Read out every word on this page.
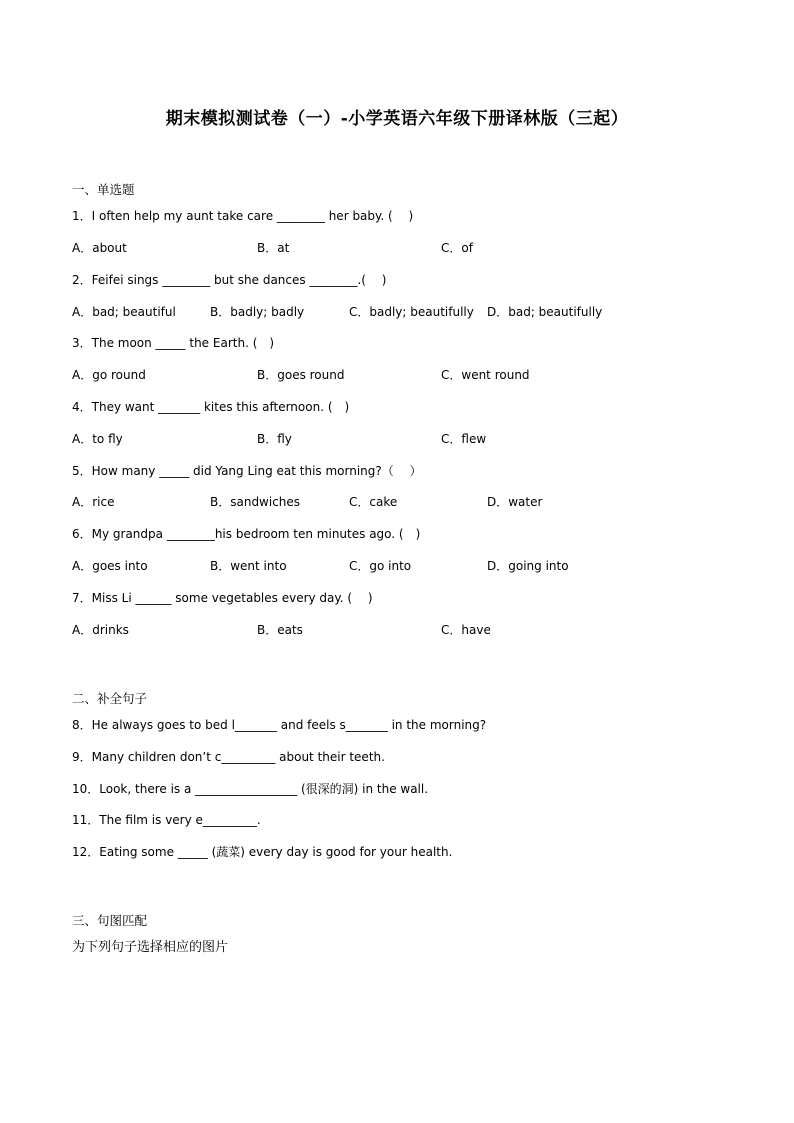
期末模拟测试卷（一）-小学英语六年级下册译林版（三起）
一、单选题
1．I often help my aunt take care ________ her baby. (　 )
A．about	B．at	C．of
2．Feifei sings ________ but she dances ________.(　 )
A．bad; beautiful	B．badly; badly	C．badly; beautifully D．bad; beautifully
3．The moon _____ the Earth. (　)
A．go round	B．goes round	C．went round
4．They want _______ kites this afternoon. (　)
A．to fly	B．fly	C．flew
5．How many _____ did Yang Ling eat this morning?（　 ）
A．rice	B．sandwiches	C．cake	D．water
6．My grandpa ________his bedroom ten minutes ago. (　)
A．goes into	B．went into	C．go into	D．going into
7．Miss Li ______ some vegetables every day. (　 )
A．drinks	B．eats	C．have
二、补全句子
8．He always goes to bed l_______ and feels s_______ in the morning?
9．Many children don’t c_________ about their teeth.
10．Look, there is a _________________ (很深的洞) in the wall.
11．The film is very e_________.
12．Eating some _____ (蔬菜) every day is good for your health.
三、句图匹配
为下列句子选择相应的图片
